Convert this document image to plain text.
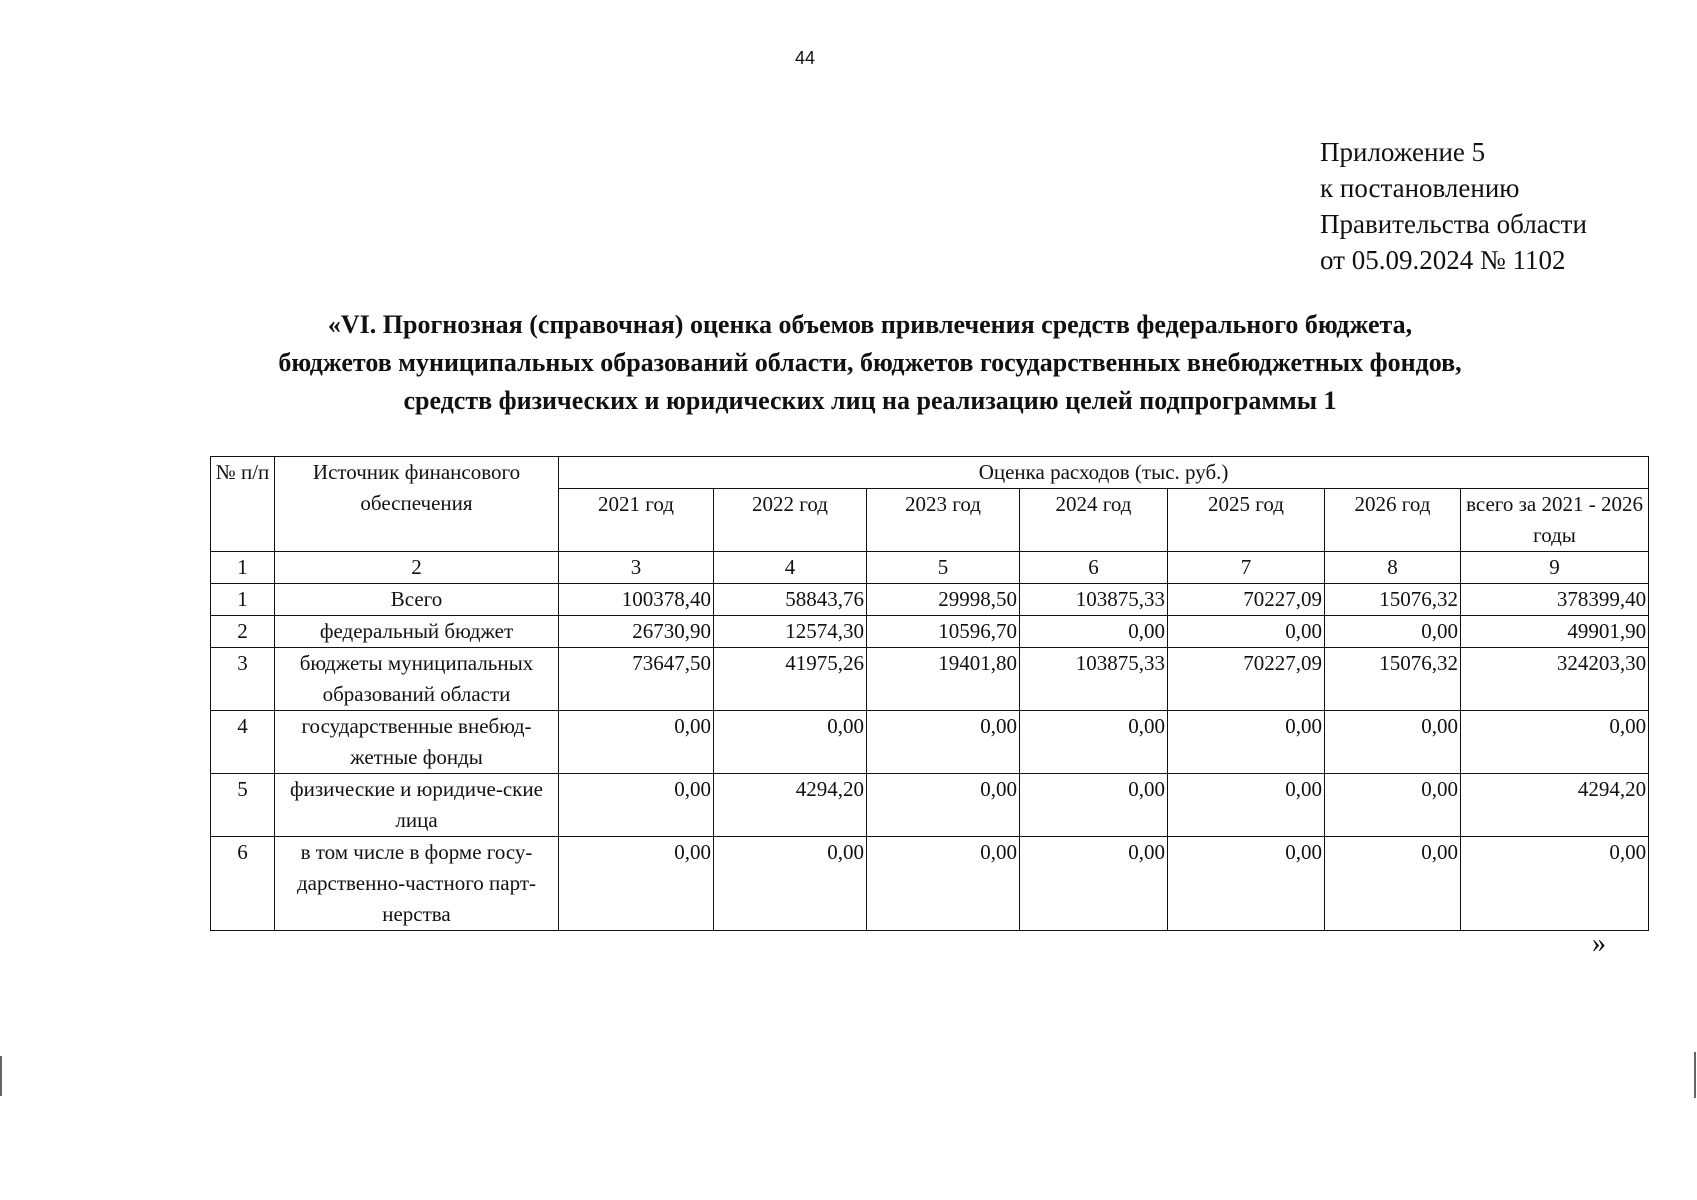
44
Приложение 5
к постановлению
Правительства области
от 05.09.2024 № 1102
«VI. Прогнозная (справочная) оценка объемов привлечения средств федерального бюджета,
бюджетов муниципальных образований области, бюджетов государственных внебюджетных фондов,
средств физических и юридических лиц на реализацию целей подпрограммы 1
№ п/п	Источник финансового обеспечения	Оценка расходов (тыс. руб.)						
		2021 год	2022 год	2023 год	2024 год	2025 год	2026 год	всего за 2021 - 2026 годы
1	2	3	4	5	6	7	8	9
1	Всего	100378,40	58843,76	29998,50	103875,33	70227,09	15076,32	378399,40
2	федеральный бюджет	26730,90	12574,30	10596,70	0,00	0,00	0,00	49901,90
3	бюджеты муниципальных образований области	73647,50	41975,26	19401,80	103875,33	70227,09	15076,32	324203,30
4	государственные внебюд-жетные фонды	0,00	0,00	0,00	0,00	0,00	0,00	0,00
5	физические и юридиче-ские лица	0,00	4294,20	0,00	0,00	0,00	0,00	4294,20
6	в том числе в форме госу-дарственно-частного парт-нерства	0,00	0,00	0,00	0,00	0,00	0,00	0,00
»
